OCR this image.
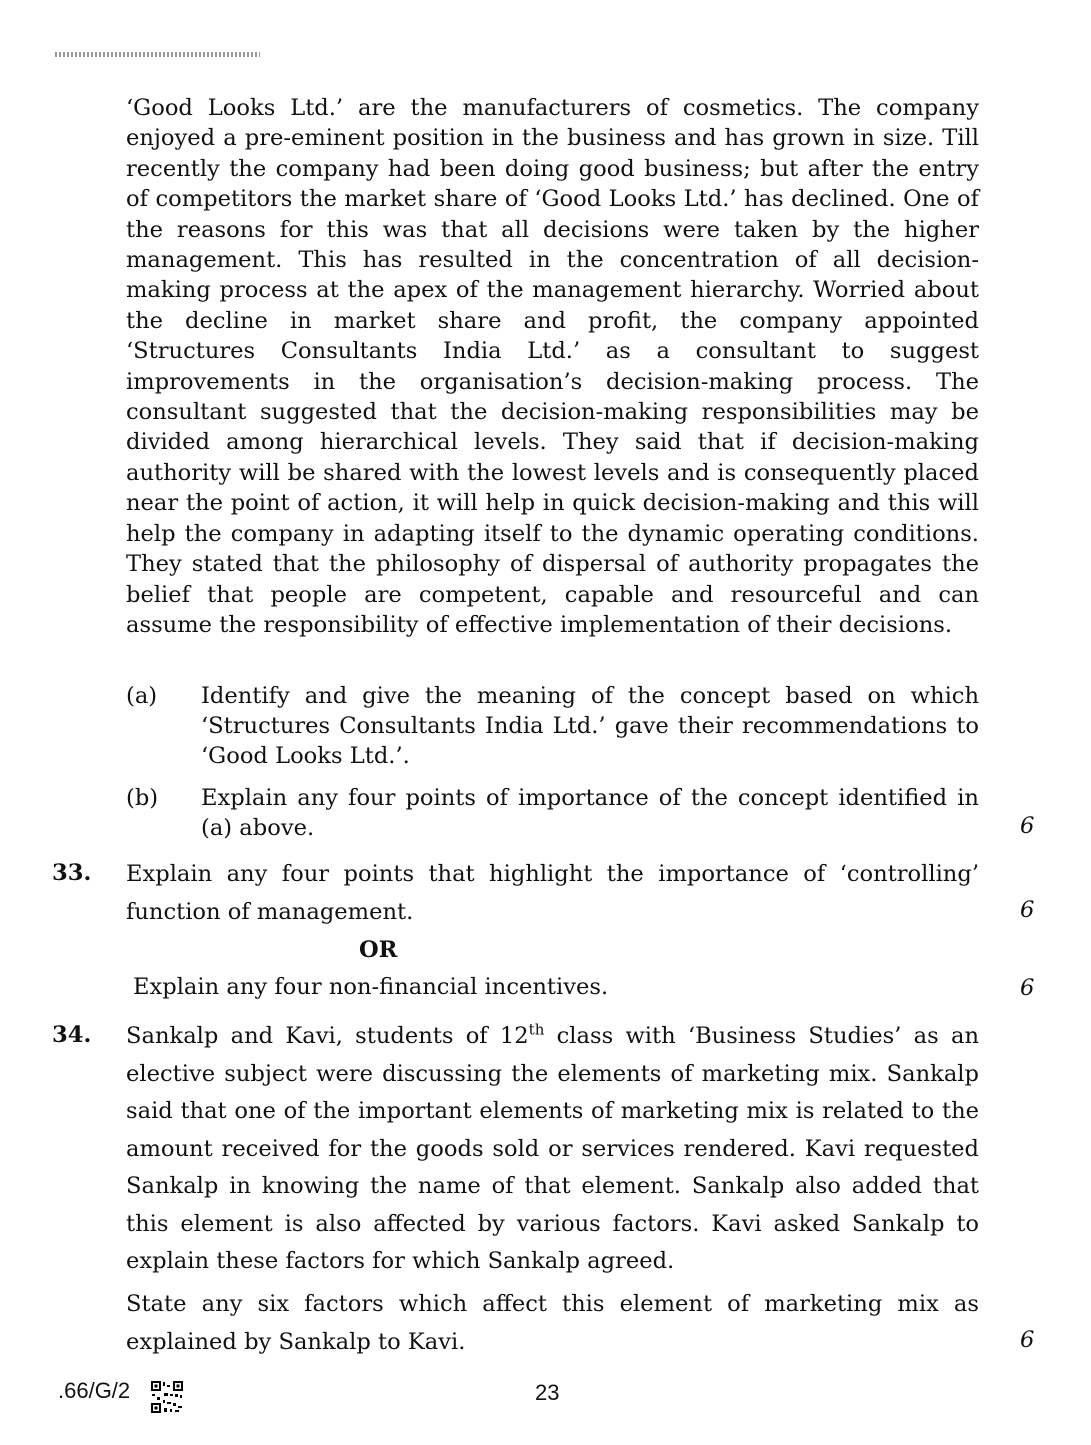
‘Good Looks Ltd.’ are the manufacturers of cosmetics. The company enjoyed a pre-eminent position in the business and has grown in size. Till recently the company had been doing good business; but after the entry of competitors the market share of ‘Good Looks Ltd.’ has declined. One of the reasons for this was that all decisions were taken by the higher management. This has resulted in the concentration of all decision-making process at the apex of the management hierarchy. Worried about the decline in market share and profit, the company appointed ‘Structures Consultants India Ltd.’ as a consultant to suggest improvements in the organisation’s decision-making process. The consultant suggested that the decision-making responsibilities may be divided among hierarchical levels. They said that if decision-making authority will be shared with the lowest levels and is consequently placed near the point of action, it will help in quick decision-making and this will help the company in adapting itself to the dynamic operating conditions. They stated that the philosophy of dispersal of authority propagates the belief that people are competent, capable and resourceful and can assume the responsibility of effective implementation of their decisions.
(a) Identify and give the meaning of the concept based on which ‘Structures Consultants India Ltd.’ gave their recommendations to ‘Good Looks Ltd.’.
(b) Explain any four points of importance of the concept identified in (a) above.	6
33. Explain any four points that highlight the importance of ‘controlling’ function of management.	6
OR
Explain any four non-financial incentives.	6
34. Sankalp and Kavi, students of 12th class with ‘Business Studies’ as an elective subject were discussing the elements of marketing mix. Sankalp said that one of the important elements of marketing mix is related to the amount received for the goods sold or services rendered. Kavi requested Sankalp in knowing the name of that element. Sankalp also added that this element is also affected by various factors. Kavi asked Sankalp to explain these factors for which Sankalp agreed.
State any six factors which affect this element of marketing mix as explained by Sankalp to Kavi.	6
.66/G/2	23
